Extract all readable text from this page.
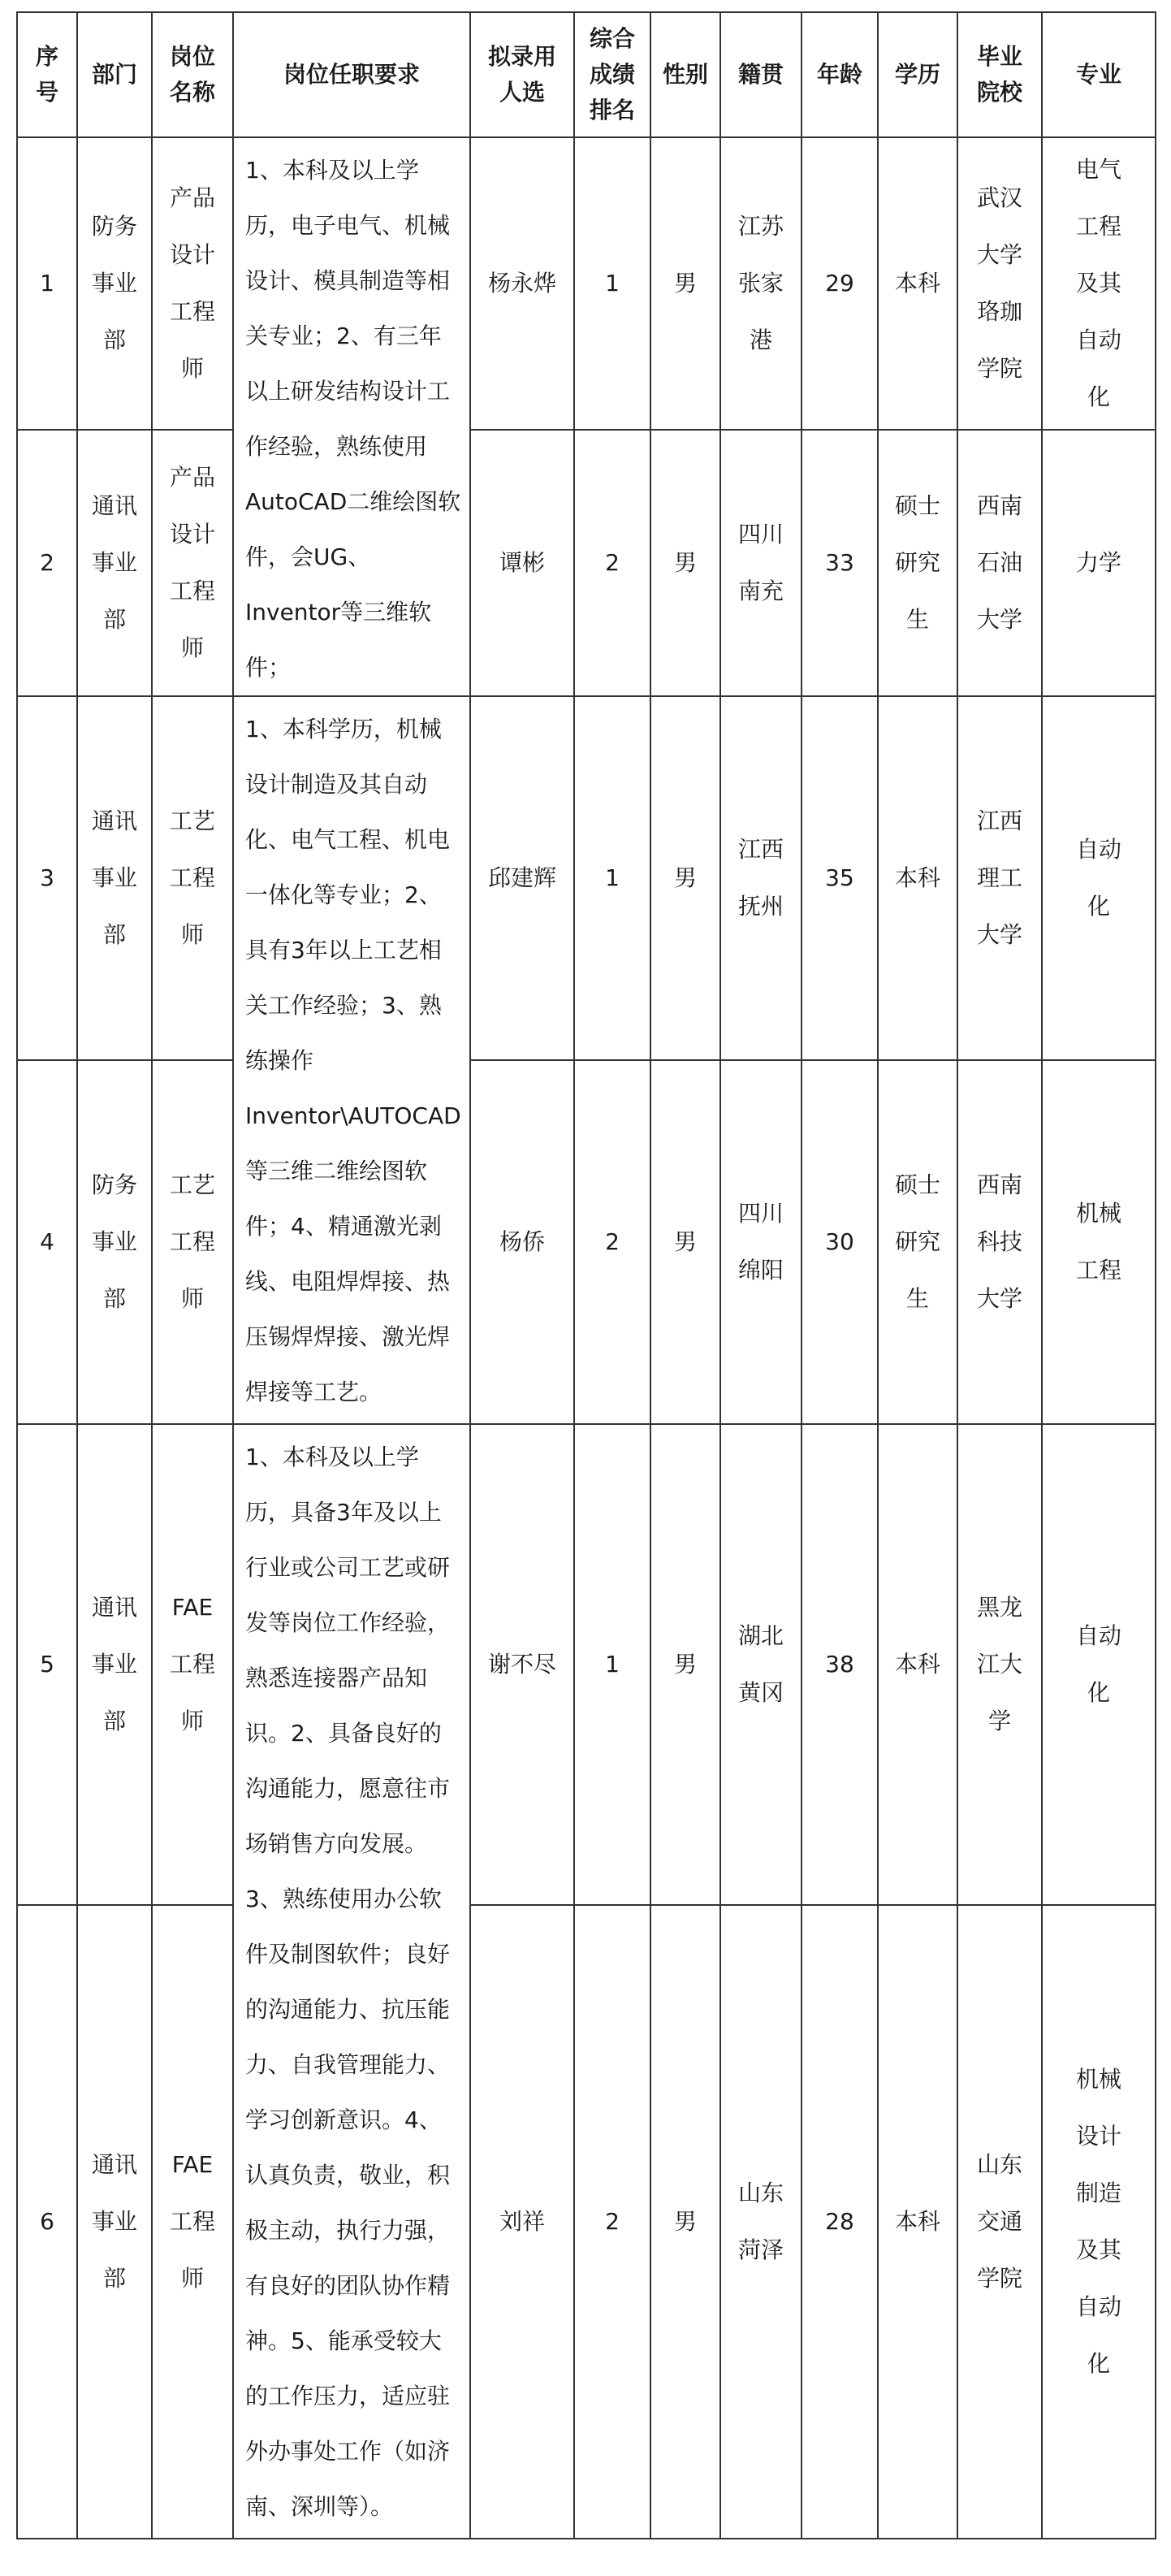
序号	部门	岗位名称	岗位任职要求	拟录用人选	综合成绩排名	性别	籍贯	年龄	学历	毕业院校	专业
1	防务事业部	产品设计工程师	1、本科及以上学历，电子电气、机械设计、模具制造等相关专业；2、有三年以上研发结构设计工作经验，熟练使用AutoCAD二维绘图软件，会UG、Inventor等三维软件；	杨永烨	1	男	江苏张家港	29	本科	武汉大学珞珈学院	电气工程及其自动化
2	通讯事业部	产品设计工程师		谭彬	2	男	四川南充	33	硕士研究生	西南石油大学	力学
3	通讯事业部	工艺工程师	1、本科学历，机械设计制造及其自动化、电气工程、机电一体化等专业；2、具有3年以上工艺相关工作经验；3、熟练操作Inventor\AUTOCAD等三维二维绘图软件；4、精通激光剥线、电阻焊焊接、热压锡焊焊接、激光焊焊接等工艺。	邱建辉	1	男	江西抚州	35	本科	江西理工大学	自动化
4	防务事业部	工艺工程师		杨侨	2	男	四川绵阳	30	硕士研究生	西南科技大学	机械工程
5	通讯事业部	FAE工程师	1、本科及以上学历，具备3年及以上行业或公司工艺或研发等岗位工作经验，熟悉连接器产品知识。2、具备良好的沟通能力，愿意往市场销售方向发展。3、熟练使用办公软件及制图软件；良好的沟通能力、抗压能力、自我管理能力、学习创新意识。4、认真负责，敬业，积极主动，执行力强，有良好的团队协作精神。5、能承受较大的工作压力，适应驻外办事处工作（如济南、深圳等）。	谢不尽	1	男	湖北黄冈	38	本科	黑龙江大学	自动化
6	通讯事业部	FAE工程师		刘祥	2	男	山东菏泽	28	本科	山东交通学院	机械设计制造及其自动化
